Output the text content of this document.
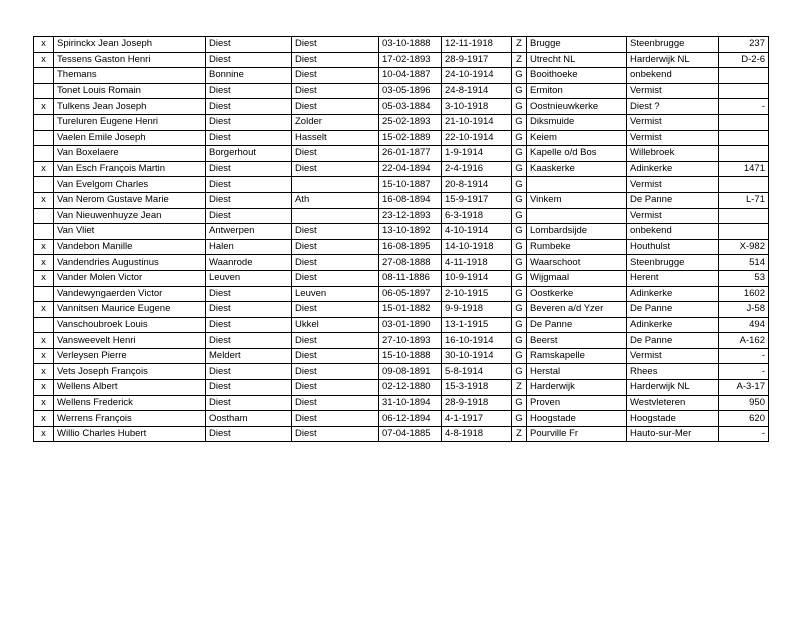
x	Spirinckx Jean Joseph	Diest	Diest	03-10-1888	12-11-1918	Z	Brugge	Steenbrugge	237
x	Tessens Gaston Henri	Diest	Diest	17-02-1893	28-9-1917	Z	Utrecht NL	Harderwijk NL	D-2-6
	Themans	Bonnine	Diest	10-04-1887	24-10-1914	G	Booithoeke	onbekend	
	Tonet Louis Romain	Diest	Diest	03-05-1896	24-8-1914	G	Ermiton	Vermist	
x	Tulkens Jean Joseph	Diest	Diest	05-03-1884	3-10-1918	G	Oostnieuwkerke	Diest ?	-
	Tureluren Eugene Henri	Diest	Zolder	25-02-1893	21-10-1914	G	Diksmuide	Vermist	
	Vaelen Emile Joseph	Diest	Hasselt	15-02-1889	22-10-1914	G	Keiem	Vermist	
	Van Boxelaere	Borgerhout	Diest	26-01-1877	1-9-1914	G	Kapelle o/d Bos	Willebroek	
x	Van Esch François Martin	Diest	Diest	22-04-1894	2-4-1916	G	Kaaskerke	Adinkerke	1471
	Van Evelgom Charles	Diest		15-10-1887	20-8-1914	G		Vermist	
x	Van Nerom Gustave Marie	Diest	Ath	16-08-1894	15-9-1917	G	Vinkem	De Panne	L-71
	Van Nieuwenhuyze Jean	Diest		23-12-1893	6-3-1918	G		Vermist	
	Van Vliet	Antwerpen	Diest	13-10-1892	4-10-1914	G	Lombardsijde	onbekend	
x	Vandebon Manille	Halen	Diest	16-08-1895	14-10-1918	G	Rumbeke	Houthulst	X-982
x	Vandendries Augustinus	Waanrode	Diest	27-08-1888	4-11-1918	G	Waarschoot	Steenbrugge	514
x	Vander Molen Victor	Leuven	Diest	08-11-1886	10-9-1914	G	Wijgmaal	Herent	53
	Vandewyngaerden Victor	Diest	Leuven	06-05-1897	2-10-1915	G	Oostkerke	Adinkerke	1602
x	Vannitsen Maurice Eugene	Diest	Diest	15-01-1882	9-9-1918	G	Beveren a/d Yzer	De Panne	J-58
	Vanschoubroek Louis	Diest	Ukkel	03-01-1890	13-1-1915	G	De Panne	Adinkerke	494
x	Vansweevelt Henri	Diest	Diest	27-10-1893	16-10-1914	G	Beerst	De Panne	A-162
x	Verleysen Pierre	Meldert	Diest	15-10-1888	30-10-1914	G	Ramskapelle	Vermist	-
x	Vets Joseph François	Diest	Diest	09-08-1891	5-8-1914	G	Herstal	Rhees	-
x	Wellens Albert	Diest	Diest	02-12-1880	15-3-1918	Z	Harderwijk	Harderwijk NL	A-3-17
x	Wellens Frederick	Diest	Diest	31-10-1894	28-9-1918	G	Proven	Westvleteren	950
x	Werrens François	Oostham	Diest	06-12-1894	4-1-1917	G	Hoogstade	Hoogstade	620
x	Willio Charles Hubert	Diest	Diest	07-04-1885	4-8-1918	Z	Pourville Fr	Hauto-sur-Mer	-
